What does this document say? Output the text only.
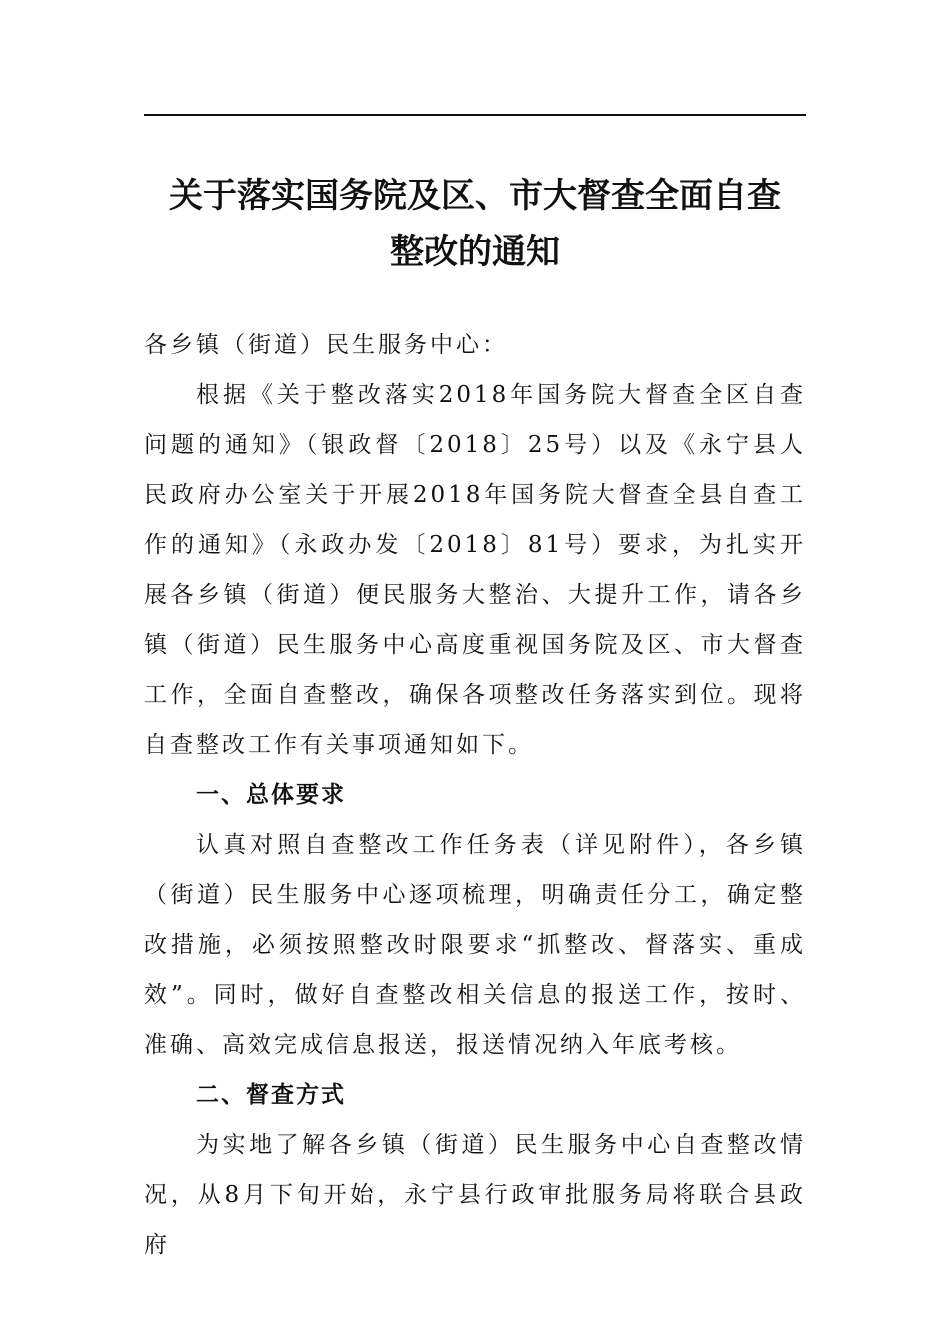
关于落实国务院及区、市大督查全面自查
整改的通知

各乡镇（街道）民生服务中心：

根据《关于整改落实2018年国务院大督查全区自查问题的通知》（银政督〔2018〕25号）以及《永宁县人民政府办公室关于开展2018年国务院大督查全县自查工作的通知》（永政办发〔2018〕81号）要求，为扎实开展各乡镇（街道）便民服务大整治、大提升工作，请各乡镇（街道）民生服务中心高度重视国务院及区、市大督查工作，全面自查整改，确保各项整改任务落实到位。现将自查整改工作有关事项通知如下。

一、总体要求

认真对照自查整改工作任务表（详见附件），各乡镇（街道）民生服务中心逐项梳理，明确责任分工，确定整改措施，必须按照整改时限要求“抓整改、督落实、重成效”。同时，做好自查整改相关信息的报送工作，按时、准确、高效完成信息报送，报送情况纳入年底考核。

二、督查方式

为实地了解各乡镇（街道）民生服务中心自查整改情况，从8月下旬开始，永宁县行政审批服务局将联合县政府
